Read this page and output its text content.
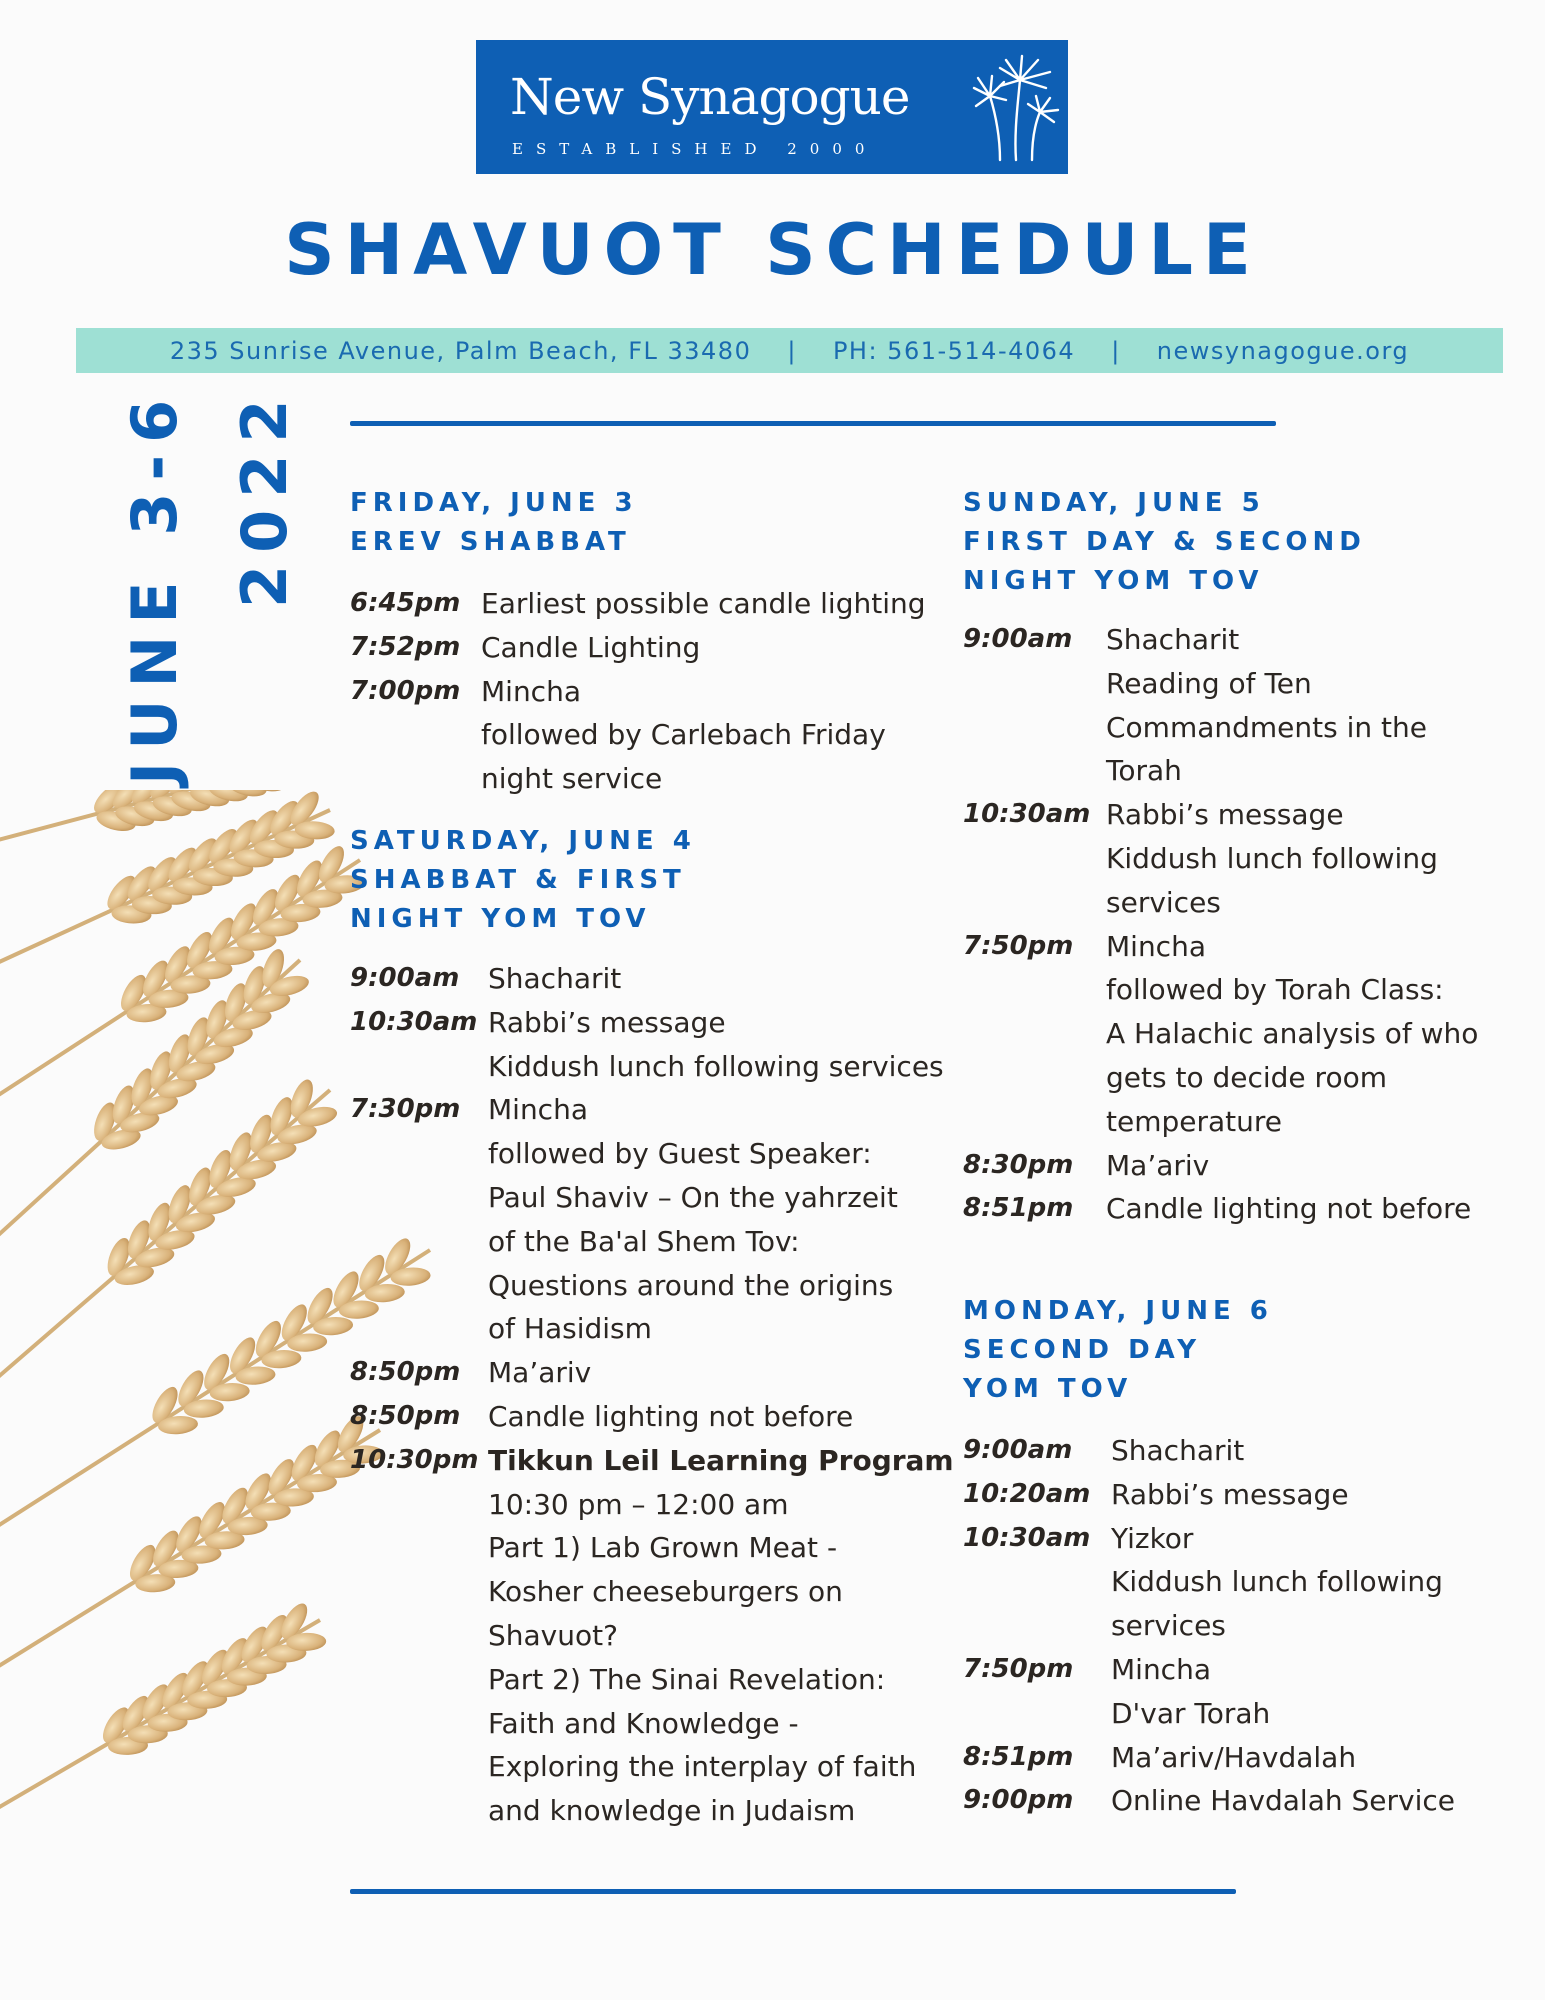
New Synagogue
ESTABLISHED 2000
SHAVUOT SCHEDULE
235 Sunrise Avenue, Palm Beach, FL 33480 | PH: 561-514-4064 | newsynagogue.org
JUNE 3-6 2022 FRIDAY, JUNE 3
EREV SHABBAT
6:45pm Earliest possible candle lighting
7:52pm Candle Lighting
7:00pm Mincha
followed by Carlebach Friday
night service
SATURDAY, JUNE 4
SHABBAT & FIRST
NIGHT YOM TOV
9:00am Shacharit
10:30am Rabbi’s message
Kiddush lunch following services
7:30pm Mincha
followed by Guest Speaker:
Paul Shaviv – On the yahrzeit
of the Ba'al Shem Tov:
Questions around the origins
of Hasidism
8:50pm Ma’ariv
8:50pm Candle lighting not before
10:30pm Tikkun Leil Learning Program
10:30 pm – 12:00 am
Part 1) Lab Grown Meat -
Kosher cheeseburgers on
Shavuot?
Part 2) The Sinai Revelation:
Faith and Knowledge -
Exploring the interplay of faith
and knowledge in Judaism
SUNDAY, JUNE 5
FIRST DAY & SECOND
NIGHT YOM TOV
9:00am Shacharit
Reading of Ten
Commandments in the
Torah
10:30am Rabbi’s message
Kiddush lunch following
services
7:50pm Mincha
followed by Torah Class:
A Halachic analysis of who
gets to decide room
temperature
8:30pm Ma’ariv
8:51pm Candle lighting not before
MONDAY, JUNE 6
SECOND DAY
YOM TOV
9:00am Shacharit
10:20am Rabbi’s message
10:30am Yizkor
Kiddush lunch following
services
7:50pm Mincha
D'var Torah
8:51pm Ma’ariv/Havdalah
9:00pm Online Havdalah Service
